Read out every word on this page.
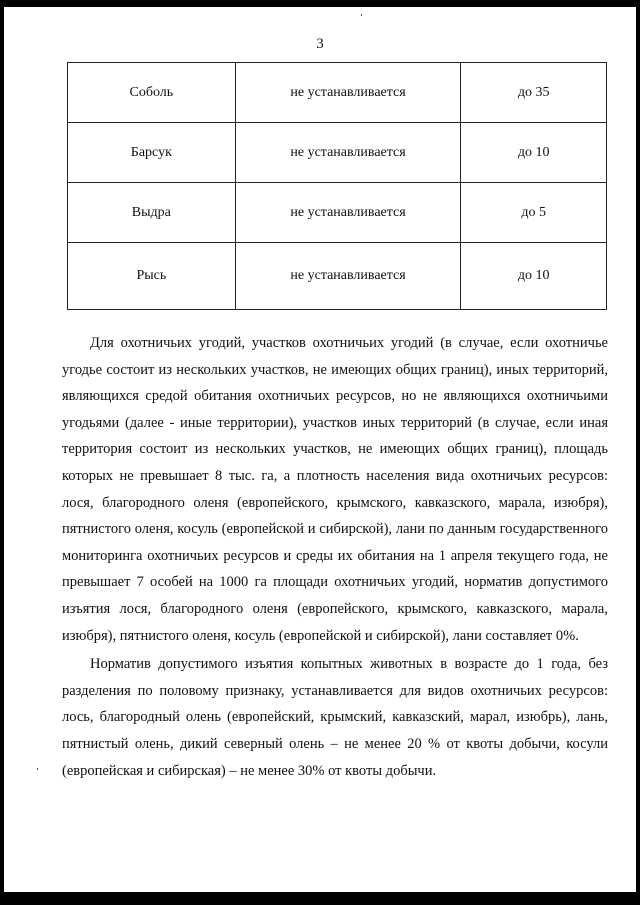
3
Соболь	не устанавливается	до 35
Барсук	не устанавливается	до 10
Выдра	не устанавливается	до 5
Рысь	не устанавливается	до 10

Для охотничьих угодий, участков охотничьих угодий (в случае, если охотничье угодье состоит из нескольких участков, не имеющих общих границ), иных территорий, являющихся средой обитания охотничьих ресурсов, но не являющихся охотничьими угодьями (далее - иные территории), участков иных территорий (в случае, если иная территория состоит из нескольких участков, не имеющих общих границ), площадь которых не превышает 8 тыс. га, а плотность населения вида охотничьих ресурсов: лося, благородного оленя (европейского, крымского, кавказского, марала, изюбря), пятнистого оленя, косуль (европейской и сибирской), лани по данным государственного мониторинга охотничьих ресурсов и среды их обитания на 1 апреля текущего года, не превышает 7 особей на 1000 га площади охотничьих угодий, норматив допустимого изъятия лося, благородного оленя (европейского, крымского, кавказского, марала, изюбря), пятнистого оленя, косуль (европейской и сибирской), лани составляет 0%.

Норматив допустимого изъятия копытных животных в возрасте до 1 года, без разделения по половому признаку, устанавливается для видов охотничьих ресурсов: лось, благородный олень (европейский, крымский, кавказский, марал, изюбрь), лань, пятнистый олень, дикий северный олень – не менее 20 % от квоты добычи, косули (европейская и сибирская) – не менее 30% от квоты добычи.
